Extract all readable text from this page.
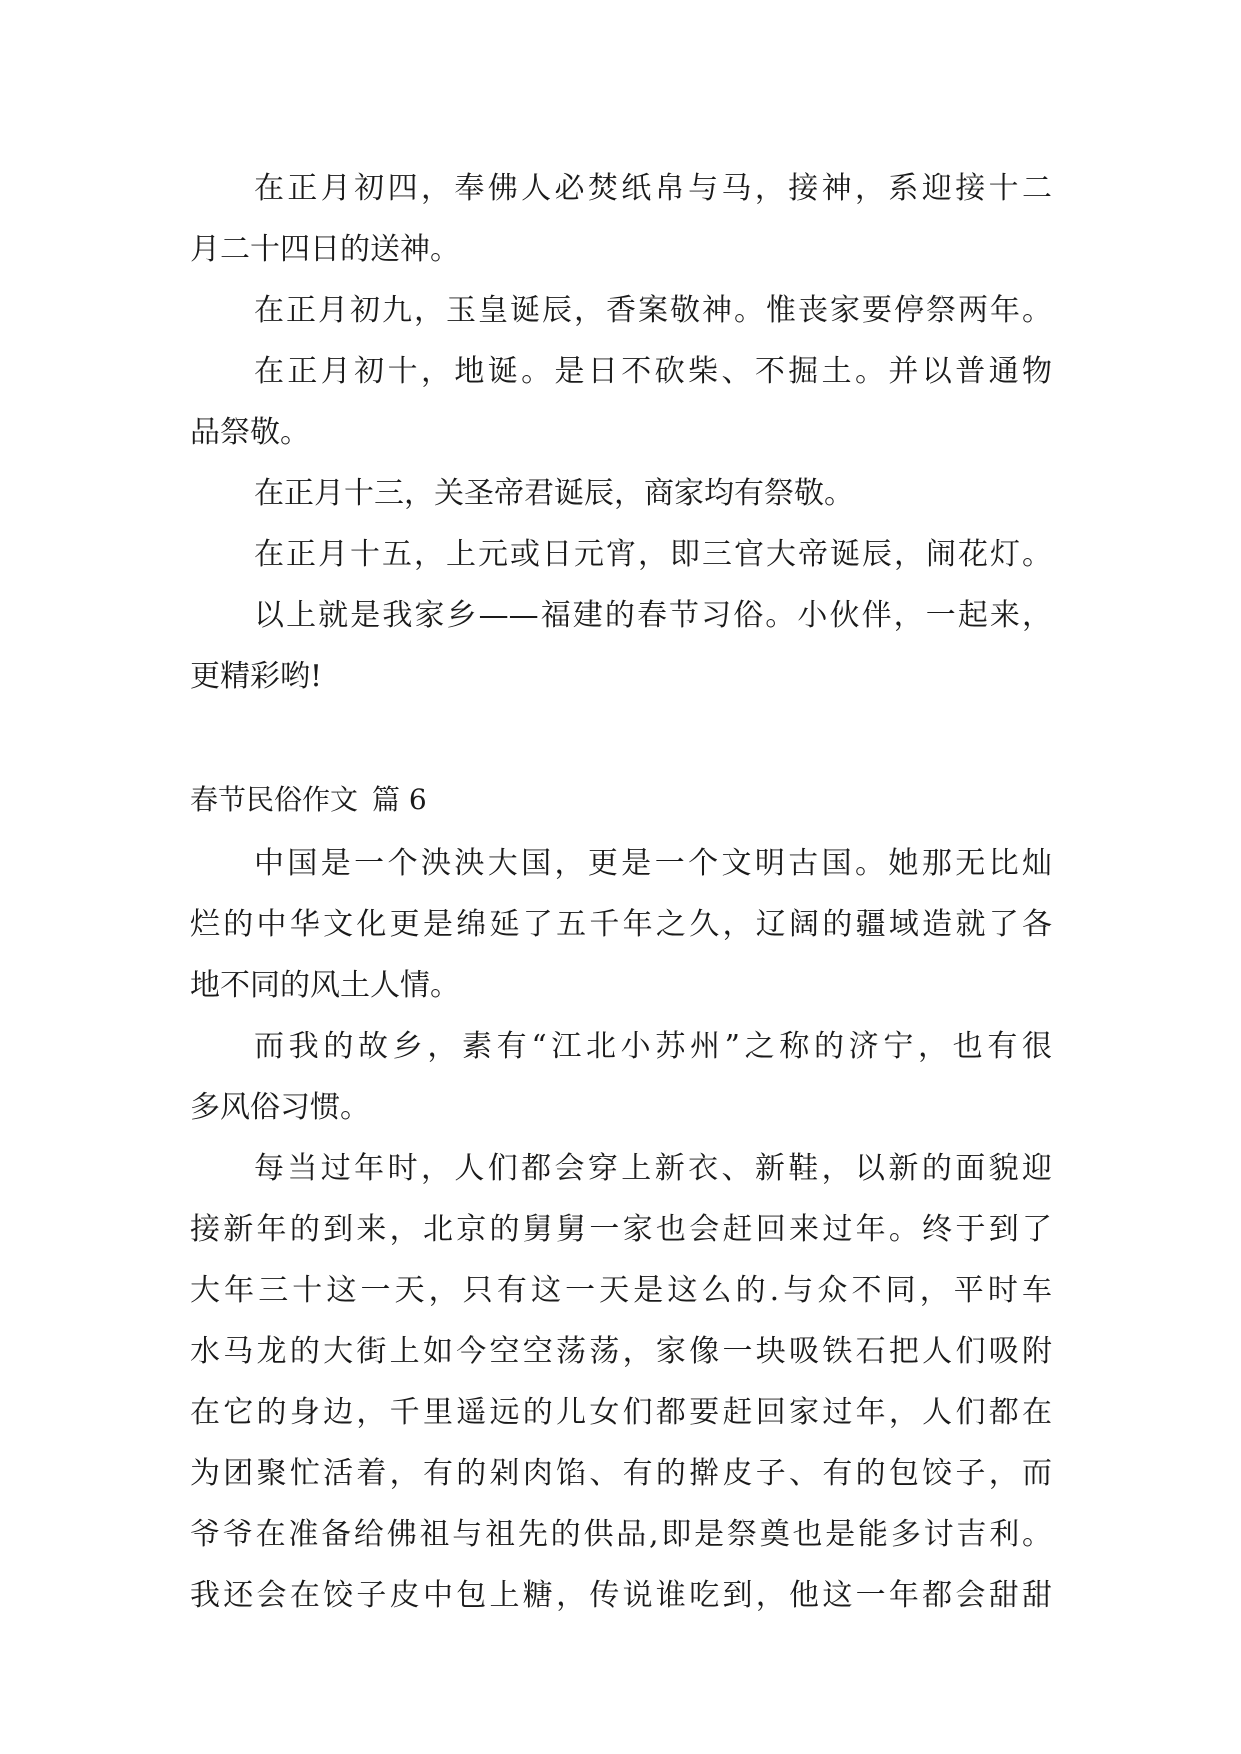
在正月初四，奉佛人必焚纸帛与马，接神，系迎接十二
月二十四日的送神。
在正月初九，玉皇诞辰，香案敬神。惟丧家要停祭两年。
在正月初十，地诞。是日不砍柴、不掘土。并以普通物
品祭敬。
在正月十三，关圣帝君诞辰，商家均有祭敬。
在正月十五，上元或日元宵，即三官大帝诞辰，闹花灯。
以上就是我家乡——福建的春节习俗。小伙伴，一起来，
更精彩哟!
春节民俗作文 篇 6
中国是一个泱泱大国，更是一个文明古国。她那无比灿
烂的中华文化更是绵延了五千年之久，辽阔的疆域造就了各
地不同的风土人情。
而我的故乡，素有“江北小苏州”之称的济宁，也有很
多风俗习惯。
每当过年时，人们都会穿上新衣、新鞋，以新的面貌迎
接新年的到来，北京的舅舅一家也会赶回来过年。终于到了
大年三十这一天，只有这一天是这么的.与众不同，平时车
水马龙的大街上如今空空荡荡，家像一块吸铁石把人们吸附
在它的身边，千里遥远的儿女们都要赶回家过年，人们都在
为团聚忙活着，有的剁肉馅、有的擀皮子、有的包饺子，而
爷爷在准备给佛祖与祖先的供品,即是祭奠也是能多讨吉利。
我还会在饺子皮中包上糖，传说谁吃到，他这一年都会甜甜
